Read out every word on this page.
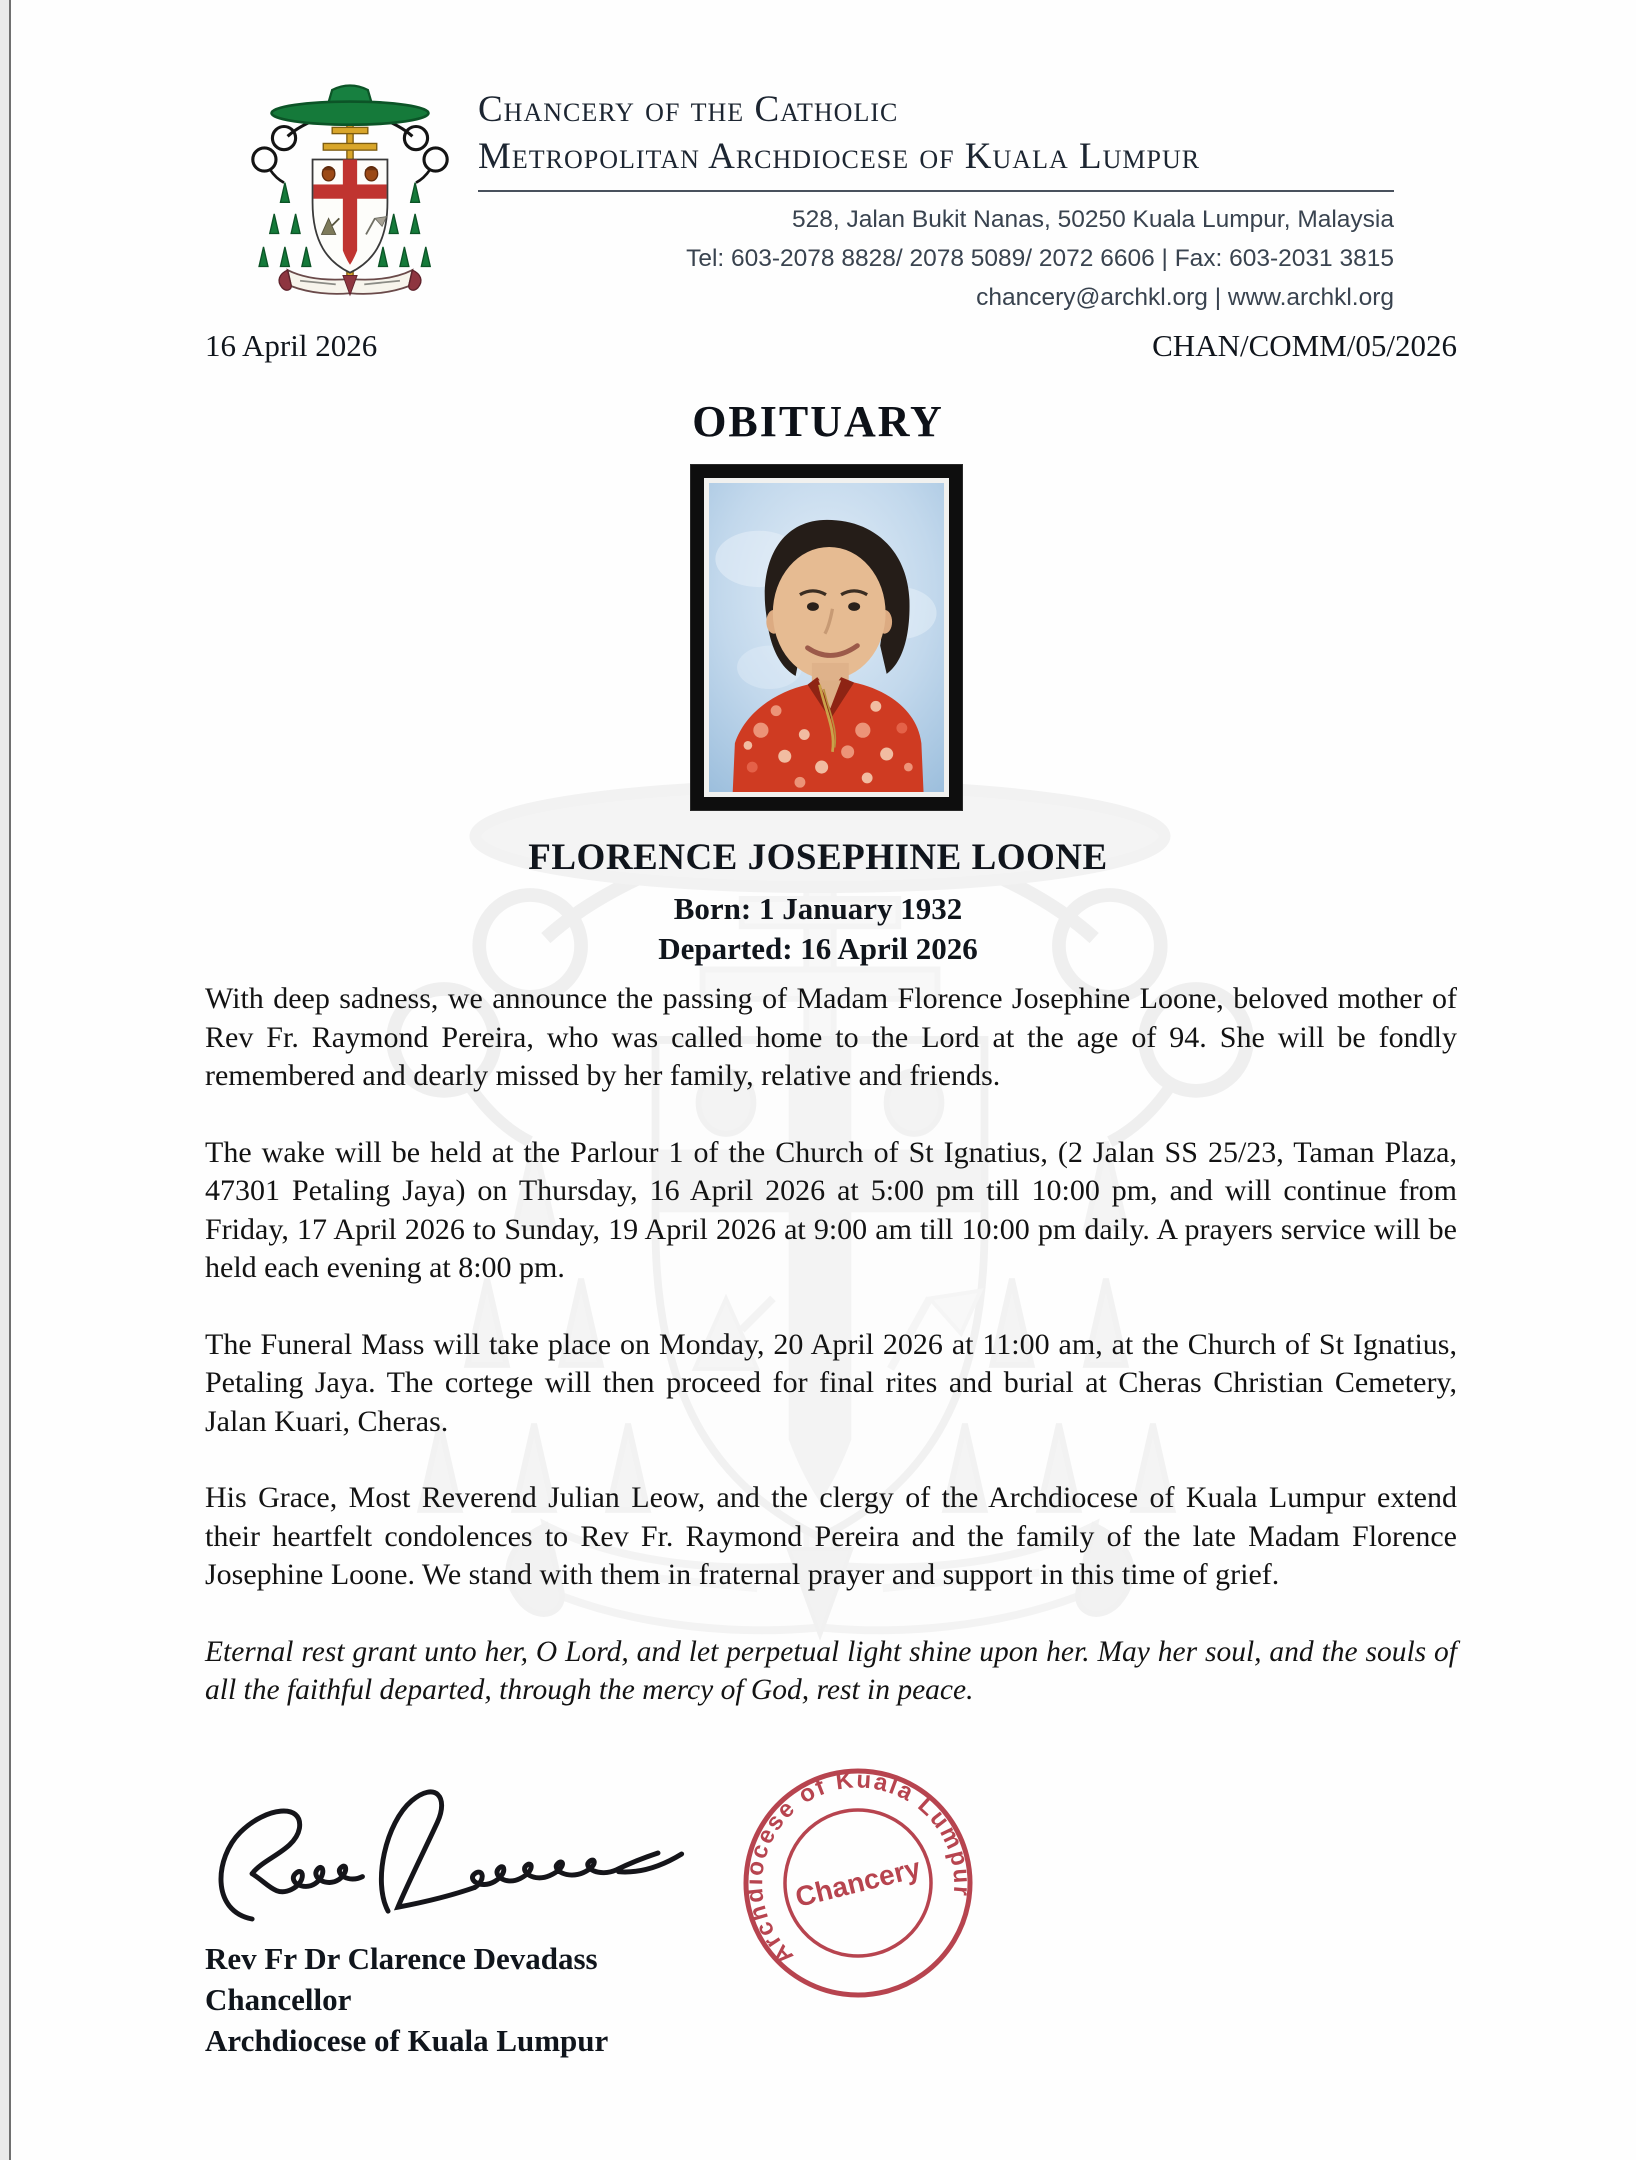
Chancery of the Catholic
Metropolitan Archdiocese of Kuala Lumpur
528, Jalan Bukit Nanas, 50250 Kuala Lumpur, Malaysia
Tel: 603-2078 8828/ 2078 5089/ 2072 6606 | Fax: 603-2031 3815
chancery@archkl.org | www.archkl.org
16 April 2026	CHAN/COMM/05/2026
OBITUARY
FLORENCE JOSEPHINE LOONE
Born: 1 January 1932
Departed: 16 April 2026

With deep sadness, we announce the passing of Madam Florence Josephine Loone, beloved mother of Rev Fr. Raymond Pereira, who was called home to the Lord at the age of 94. She will be fondly remembered and dearly missed by her family, relative and friends.

The wake will be held at the Parlour 1 of the Church of St Ignatius, (2 Jalan SS 25/23, Taman Plaza, 47301 Petaling Jaya) on Thursday, 16 April 2026 at 5:00 pm till 10:00 pm, and will continue from Friday, 17 April 2026 to Sunday, 19 April 2026 at 9:00 am till 10:00 pm daily. A prayers service will be held each evening at 8:00 pm.

The Funeral Mass will take place on Monday, 20 April 2026 at 11:00 am, at the Church of St Ignatius, Petaling Jaya. The cortege will then proceed for final rites and burial at Cheras Christian Cemetery, Jalan Kuari, Cheras.

His Grace, Most Reverend Julian Leow, and the clergy of the Archdiocese of Kuala Lumpur extend their heartfelt condolences to Rev Fr. Raymond Pereira and the family of the late Madam Florence Josephine Loone. We stand with them in fraternal prayer and support in this time of grief.

Eternal rest grant unto her, O Lord, and let perpetual light shine upon her. May her soul, and the souls of all the faithful departed, through the mercy of God, rest in peace.

Archdiocese of Kuala Lumpur
Chancery
Rev Fr Dr Clarence Devadass
Chancellor
Archdiocese of Kuala Lumpur
